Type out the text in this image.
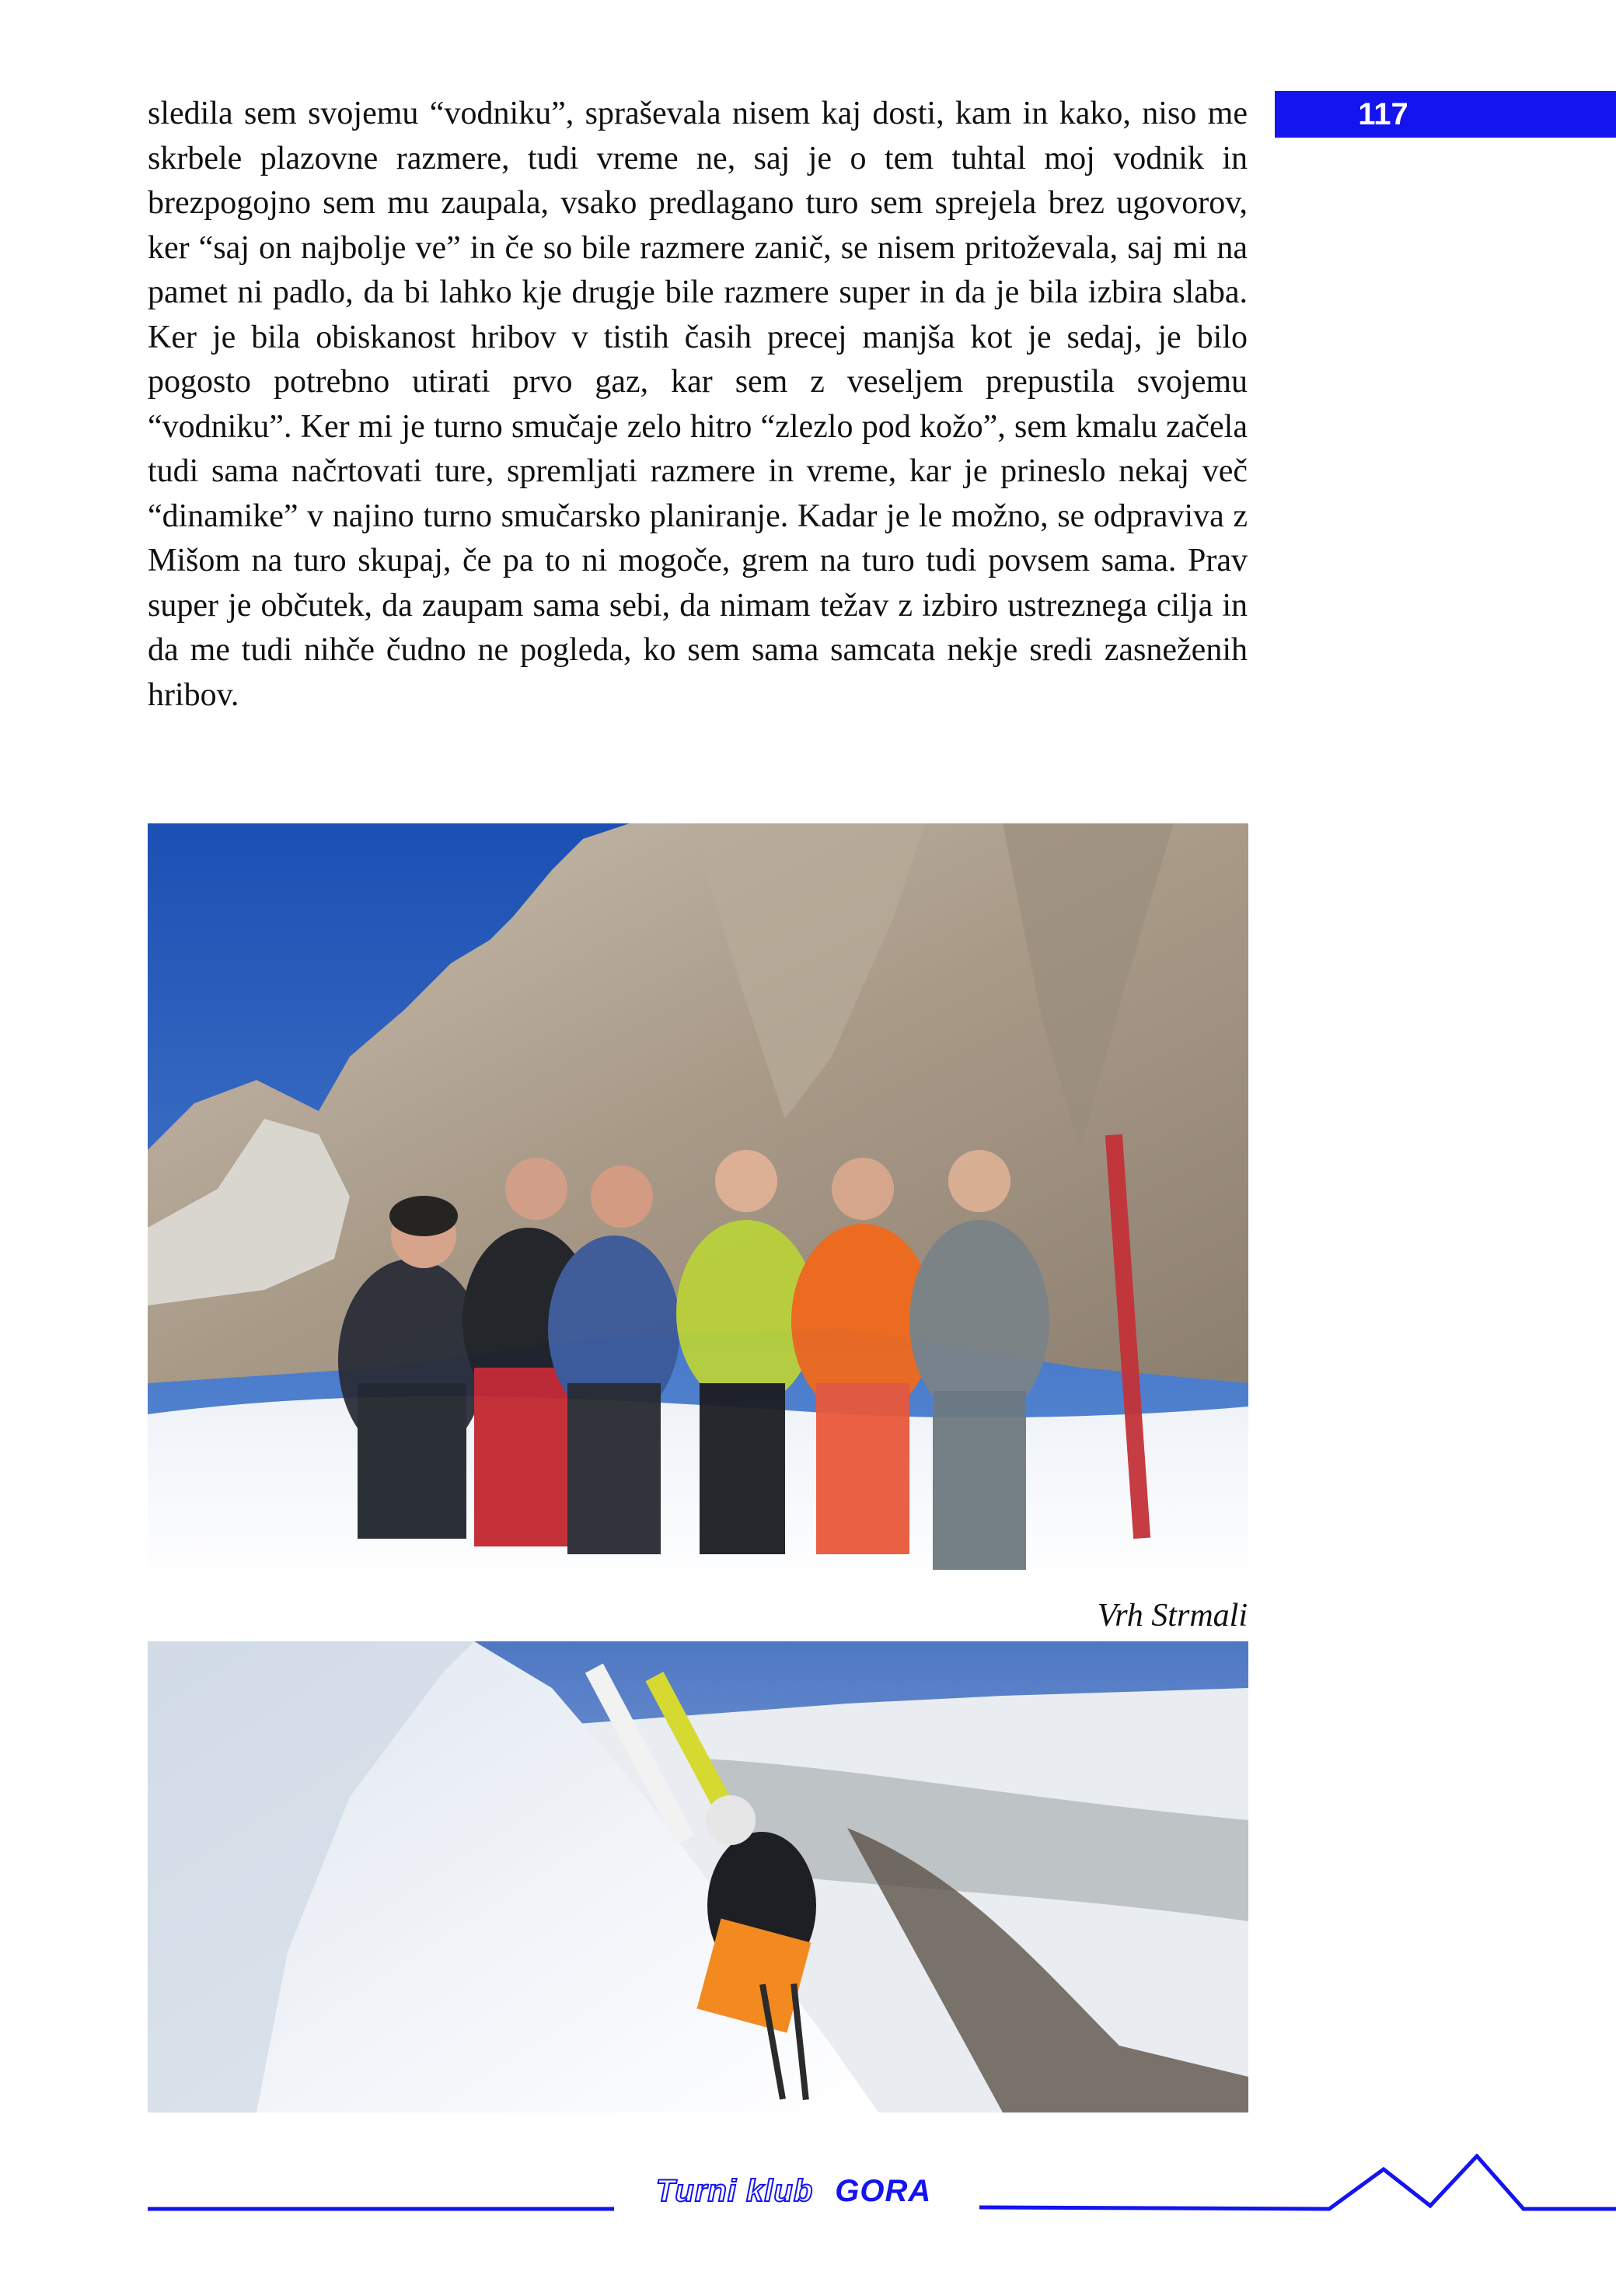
117

sledila sem svojemu “vodniku”, spraševala nisem kaj dosti, kam in kako, niso me skrbele plazovne razmere, tudi vreme ne, saj je o tem tuhtal moj vodnik in brezpogojno sem mu zaupala, vsako predlagano turo sem sprejela brez ugovorov, ker “saj on najbolje ve” in če so bile razmere zanič, se nisem pritoževala, saj mi na pamet ni padlo, da bi lahko kje drugje bile razmere super in da je bila izbira slaba. Ker je bila obiskanost hribov v tistih časih precej manjša kot je sedaj, je bilo pogosto potrebno utirati prvo gaz, kar sem z veseljem prepustila svojemu “vodniku”. Ker mi je turno smučaje zelo hitro “zlezlo pod kožo”, sem kmalu začela tudi sama načrtovati ture, spremljati razmere in vreme, kar je prineslo nekaj več “dinamike” v najino turno smučarsko planiranje. Kadar je le možno, se odpraviva z Mišom na turo skupaj, če pa to ni mogoče, grem na turo tudi povsem sama. Prav super je občutek, da zaupam sama sebi, da nimam težav z izbiro ustreznega cilja in da me tudi nihče čudno ne pogleda, ko sem sama samcata nekje sredi zasneženih hribov.

Vrh Strmali
Turni klub GORA
